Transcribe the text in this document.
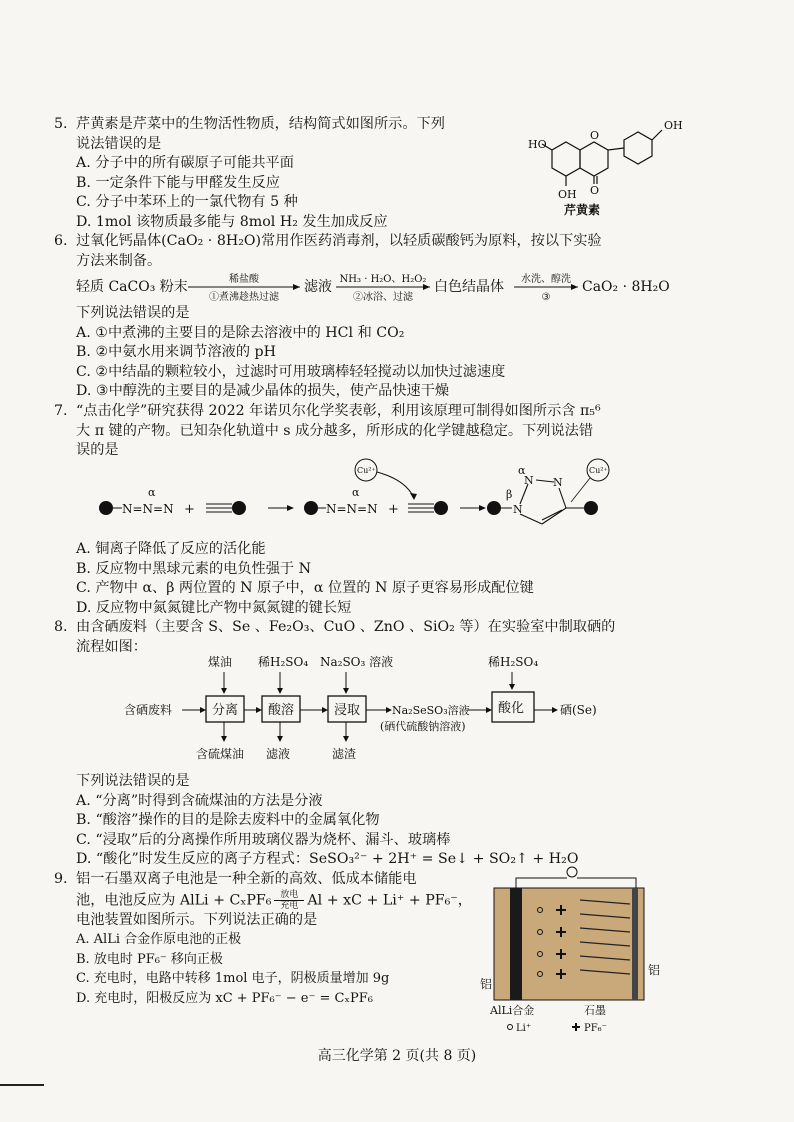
5. 芹黄素是芹菜中的生物活性物质，结构简式如图所示。下列
说法错误的是
A. 分子中的所有碳原子可能共平面
B. 一定条件下能与甲醛发生反应
C. 分子中苯环上的一氯代物有 5 种
D. 1mol 该物质最多能与 8mol H₂ 发生加成反应
OH
HO
OH O
O
芹黄素
6. 过氧化钙晶体(CaO₂ · 8H₂O)常用作医药消毒剂，以轻质碳酸钙为原料，按以下实验
方法来制备。
轻质 CaCO₃ 粉末	稀盐酸
①煮沸趁热过滤
滤液 NH₃ · H₂O、H₂O₂
②冰浴、过滤
白色结晶体 水洗、醇洗
③
CaO₂ · 8H₂O
下列说法错误的是
A. ①中煮沸的主要目的是除去溶液中的 HCl 和 CO₂
B. ②中氨水用来调节溶液的 pH
C. ②中结晶的颗粒较小，过滤时可用玻璃棒轻轻搅动以加快过滤速度
D. ③中醇洗的主要目的是减少晶体的损失，使产品快速干燥
7. “点击化学”研究获得 2022 年诺贝尔化学奖表彰，利用该原理可制得如图所示含 π₅⁶
大 π 键的产物。已知杂化轨道中 s 成分越多，所形成的化学键越稳定。下列说法错
误的是
N=N=N
α
+	N=N=N
α
+
Cu²⁺
N
N N
α
β
Cu²⁺
A. 铜离子降低了反应的活化能
B. 反应物中黑球元素的电负性强于 N
C. 产物中 α、β 两位置的 N 原子中，α 位置的 N 原子更容易形成配位键
D. 反应物中氮氮键比产物中氮氮键的键长短
8. 由含硒废料（主要含 S、Se 、Fe₂O₃、CuO 、ZnO 、SiO₂ 等）在实验室中制取硒的
流程如图：
煤油 稀H₂SO₄ Na₂SO₃ 溶液	稀H₂SO₄
含硒废料	分离 酸溶	浸取	Na₂SeSO₃溶液
(硒代硫酸钠溶液)
酸化	硒(Se)
含硫煤油 滤液	滤渣
下列说法错误的是
A. “分离”时得到含硫煤油的方法是分液
B. “酸溶”操作的目的是除去废料中的金属氧化物
C. “浸取”后的分离操作所用玻璃仪器为烧杯、漏斗、玻璃棒
D. “酸化”时发生反应的离子方程式：SeSO₃²⁻ + 2H⁺ = Se↓ + SO₂↑ + H₂O
9. 铝一石墨双离子电池是一种全新的高效、低成本储能电
池，电池反应为 AlLi + CₓPF₆ 放电
充电 Al + xC + Li⁺ + PF₆⁻，
电池装置如图所示。下列说法正确的是
A. AlLi 合金作原电池的正极
B. 放电时 PF₆⁻ 移向正极
C. 充电时，电路中转移 1mol 电子，阴极质量增加 9g
D. 充电时，阳极反应为 xC + PF₆⁻ − e⁻ = CₓPF₆
铝
铝
AlLi合金	石墨
Li⁺	PF₆⁻
高三化学第 2 页(共 8 页)
